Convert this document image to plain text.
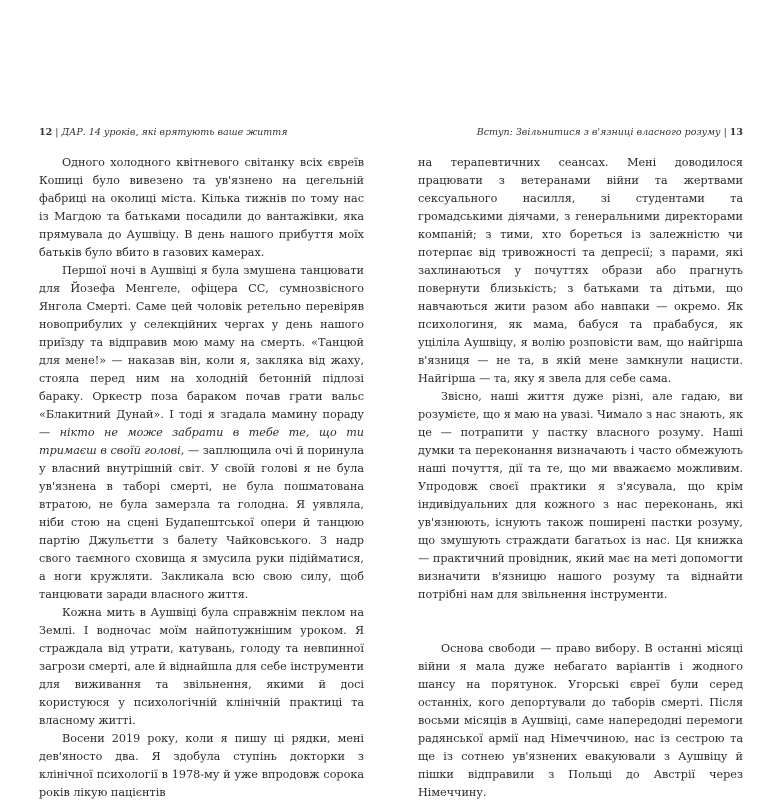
12 | ДАР. 14 уроків, які врятують ваше життя

Одного холодного квітневого світанку всіх євреїв Кошиці було вивезено та ув'язнено на цегельній фабриці на околиці міста. Кілька тижнів по тому нас із Магдою та батьками посадили до вантажівки, яка прямувала до Аушвіцу. В день нашого прибуття моїх батьків було вбито в газових камерах.

Першої ночі в Аушвіці я була змушена танцювати для Йозефа Менгеле, офіцера СС, сумнозвісного Янгола Смерті. Саме цей чоловік ретельно перевіряв новоприбулих у селекційних чергах у день нашого приїзду та відправив мою маму на смерть. «Танцюй для мене!» — наказав він, коли я, закляка від жаху, стояла перед ним на холодній бетонній підлозі бараку. Оркестр поза бараком почав грати вальс «Блакитний Дунай». І тоді я згадала мамину пораду — нікто не може забрати в тебе те, що ти тримаєш в своїй голові, — заплющила очі й поринула у власний внутрішній світ. У своїй голові я не була ув'язнена в таборі смерті, не була пошматована втратою, не була замерзла та голодна. Я уявляла, ніби стою на сцені Будапештської опери й танцюю партію Джульєтти з балету Чайковського. З надр свого таємного сховища я змусила руки підійматися, а ноги кружляти. Закликала всю свою силу, щоб танцювати заради власного життя.

Кожна мить в Аушвіці була справжнім пеклом на Землі. І водночас моїм найпотужнішим уроком. Я страждала від утрати, катувань, голоду та невпинної загрози смерті, але й віднайшла для себе інструменти для виживання та звільнення, якими й досі користуюся у психологічній клінічній практиці та власному житті.

Восени 2019 року, коли я пишу ці рядки, мені дев'яносто два. Я здобула ступінь докторки з клінічної психології в 1978-му й уже впродовж сорока років лікую пацієнтів

Вступ: Звільнитися з в'язниці власного розуму | 13

на терапевтичних сеансах. Мені доводилося працювати з ветеранами війни та жертвами сексуального насилля, зі студентами та громадськими діячами, з генеральними директорами компаній; з тими, хто бореться із залежністю чи потерпає від тривожності та депресії; з парами, які захлинаються у почуттях образи або прагнуть повернути близькість; з батьками та дітьми, що навчаються жити разом або навпаки — окремо. Як психологиня, як мама, бабуся та прабабуся, як уцілілa Аушвіцу, я волію розповісти вам, що найгірша в'язниця — не та, в якій мене замкнули нацисти. Найгірша — та, яку я звела для себе сама.

Звісно, наші життя дуже різні, але гадаю, ви розумієте, що я маю на увазі. Чимало з нас знають, як це — потрапити у пастку власного розуму. Наші думки та переконання визначають і часто обмежують наші почуття, дії та те, що ми вважаємо можливим. Упродовж своєї практики я з'ясувала, що крім індивідуальних для кожного з нас переконань, які ув'язнюють, існують також поширені пастки розуму, що змушують страждати багатьох із нас. Ця книжка — практичний провідник, який має на меті допомогти визначити в'язницю нашого розуму та віднайти потрібні нам для звільнення інструменти.

Основа свободи — право вибору. В останні місяці війни я мала дуже небагато варіантів і жодного шансу на порятунок. Угорські євреї були серед останніх, кого депортували до таборів смерті. Після восьми місяців в Аушвіці, саме напередодні перемоги радянської армії над Німеччиною, нас із сестрою та ще із сотнею ув'язнених евакуювали з Аушвіцу й пішки відправили з Польщі до Австрії через Німеччину.
